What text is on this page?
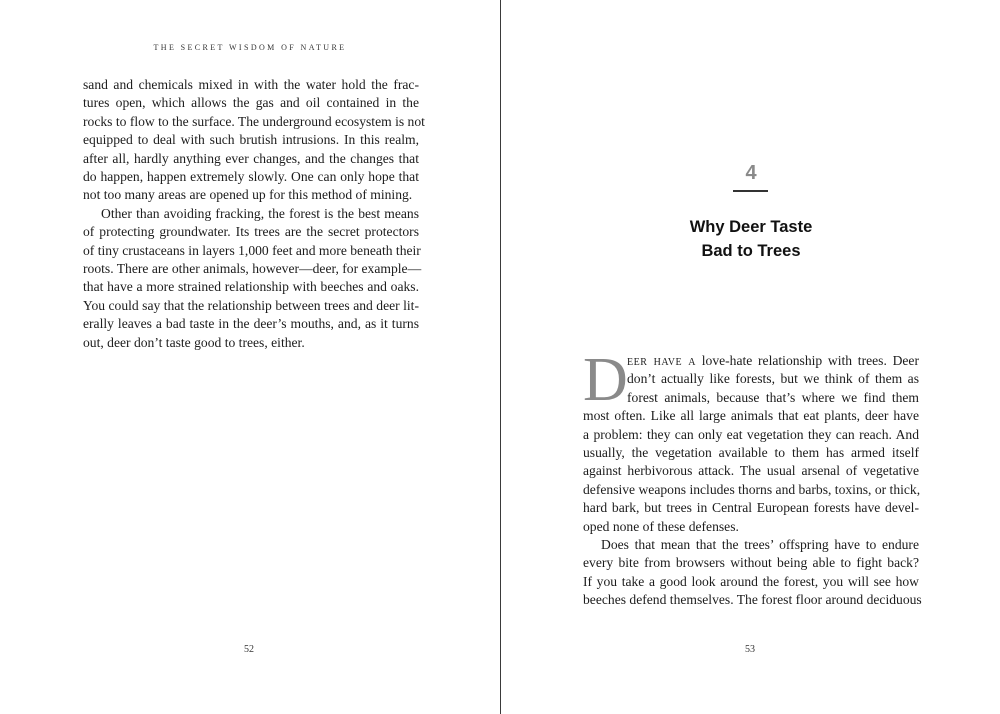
THE SECRET WISDOM OF NATURE
sand and chemicals mixed in with the water hold the frac-
tures open, which allows the gas and oil contained in the
rocks to flow to the surface. The underground ecosystem is not
equipped to deal with such brutish intrusions. In this realm,
after all, hardly anything ever changes, and the changes that
do happen, happen extremely slowly. One can only hope that
not too many areas are opened up for this method of mining.
Other than avoiding fracking, the forest is the best means
of protecting groundwater. Its trees are the secret protectors
of tiny crustaceans in layers 1,000 feet and more beneath their
roots. There are other animals, however—deer, for example—
that have a more strained relationship with beeches and oaks.
You could say that the relationship between trees and deer lit-
erally leaves a bad taste in the deer’s mouths, and, as it turns
out, deer don’t taste good to trees, either.
52
4
Why Deer Taste
Bad to Trees
D eer have a love-hate relationship with trees. Deer
don’t actually like forests, but we think of them as
forest animals, because that’s where we find them
most often. Like all large animals that eat plants, deer have
a problem: they can only eat vegetation they can reach. And
usually, the vegetation available to them has armed itself
against herbivorous attack. The usual arsenal of vegetative
defensive weapons includes thorns and barbs, toxins, or thick,
hard bark, but trees in Central European forests have devel-
oped none of these defenses.
Does that mean that the trees’ offspring have to endure
every bite from browsers without being able to fight back?
If you take a good look around the forest, you will see how
beeches defend themselves. The forest floor around deciduous
53
